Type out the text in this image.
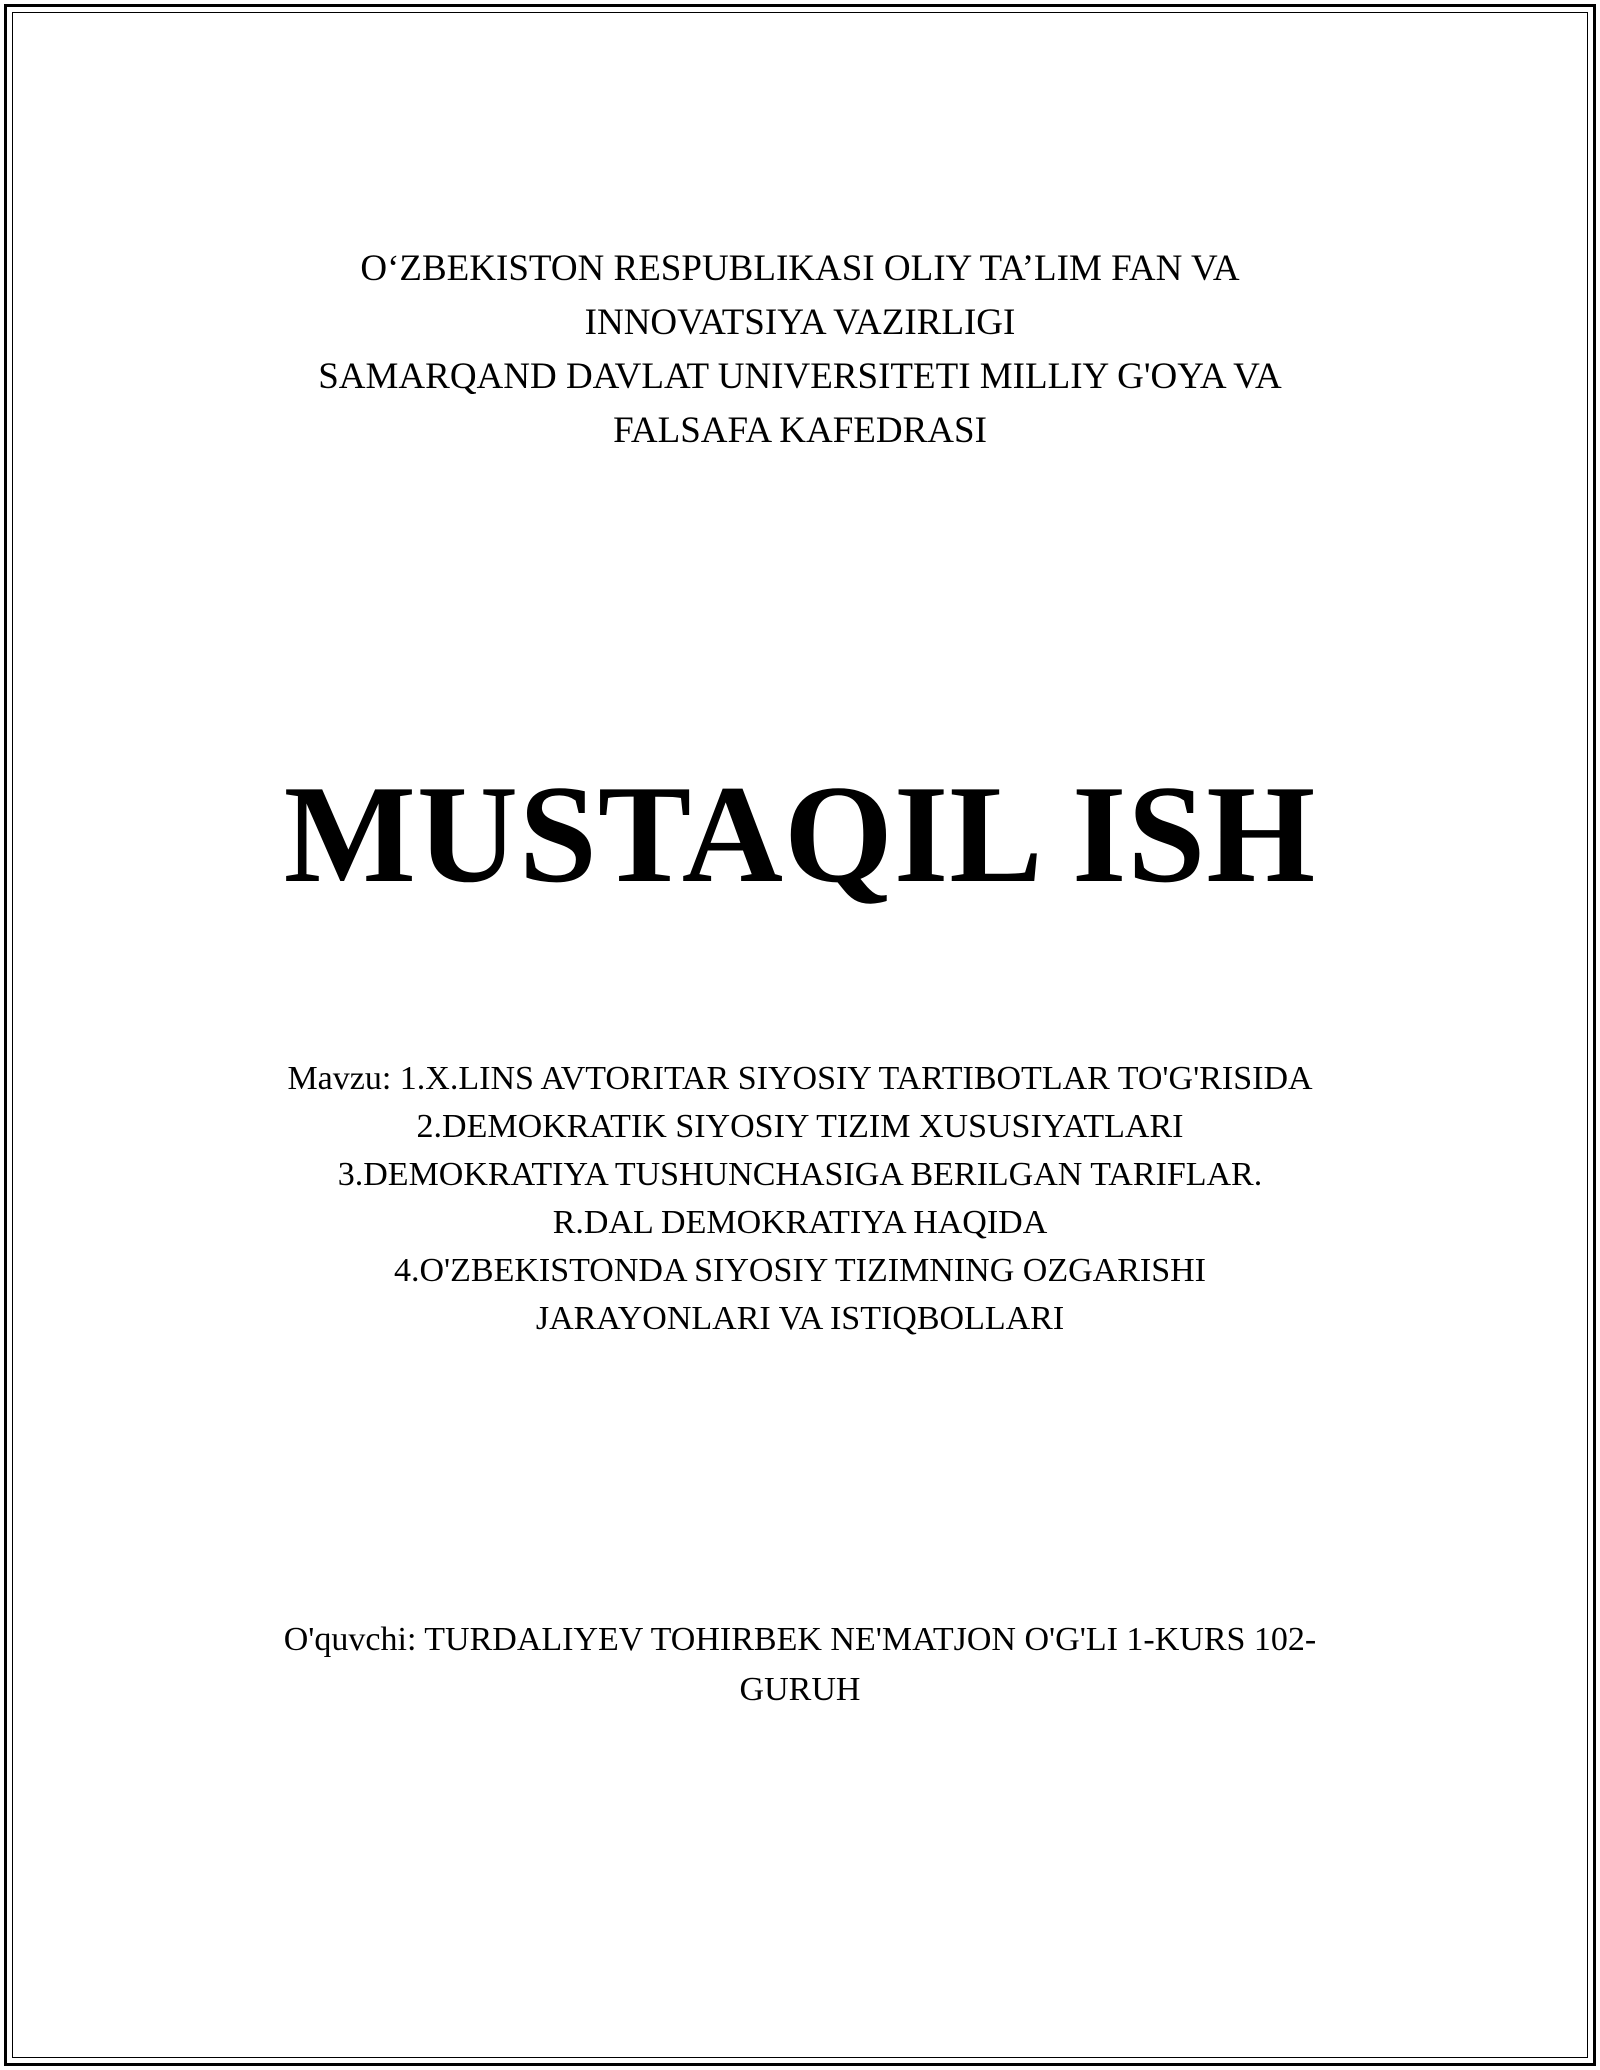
O‘ZBEKISTON RESPUBLIKASI OLIY TA’LIM FAN VA
INNOVATSIYA VAZIRLIGI
SAMARQAND DAVLAT UNIVERSITETI MILLIY G'OYA VA
FALSAFA KAFEDRASI
MUSTAQIL ISH
Mavzu: 1.X.LINS AVTORITAR SIYOSIY TARTIBOTLAR TO'G'RISIDA
2.DEMOKRATIK SIYOSIY TIZIM XUSUSIYATLARI
3.DEMOKRATIYA TUSHUNCHASIGA BERILGAN TARIFLAR.
R.DAL DEMOKRATIYA HAQIDA
4.O'ZBEKISTONDA SIYOSIY TIZIMNING OZGARISHI
JARAYONLARI VA ISTIQBOLLARI
O'quvchi: TURDALIYEV TOHIRBEK NE'MATJON O'G'LI 1-KURS 102-
GURUH
